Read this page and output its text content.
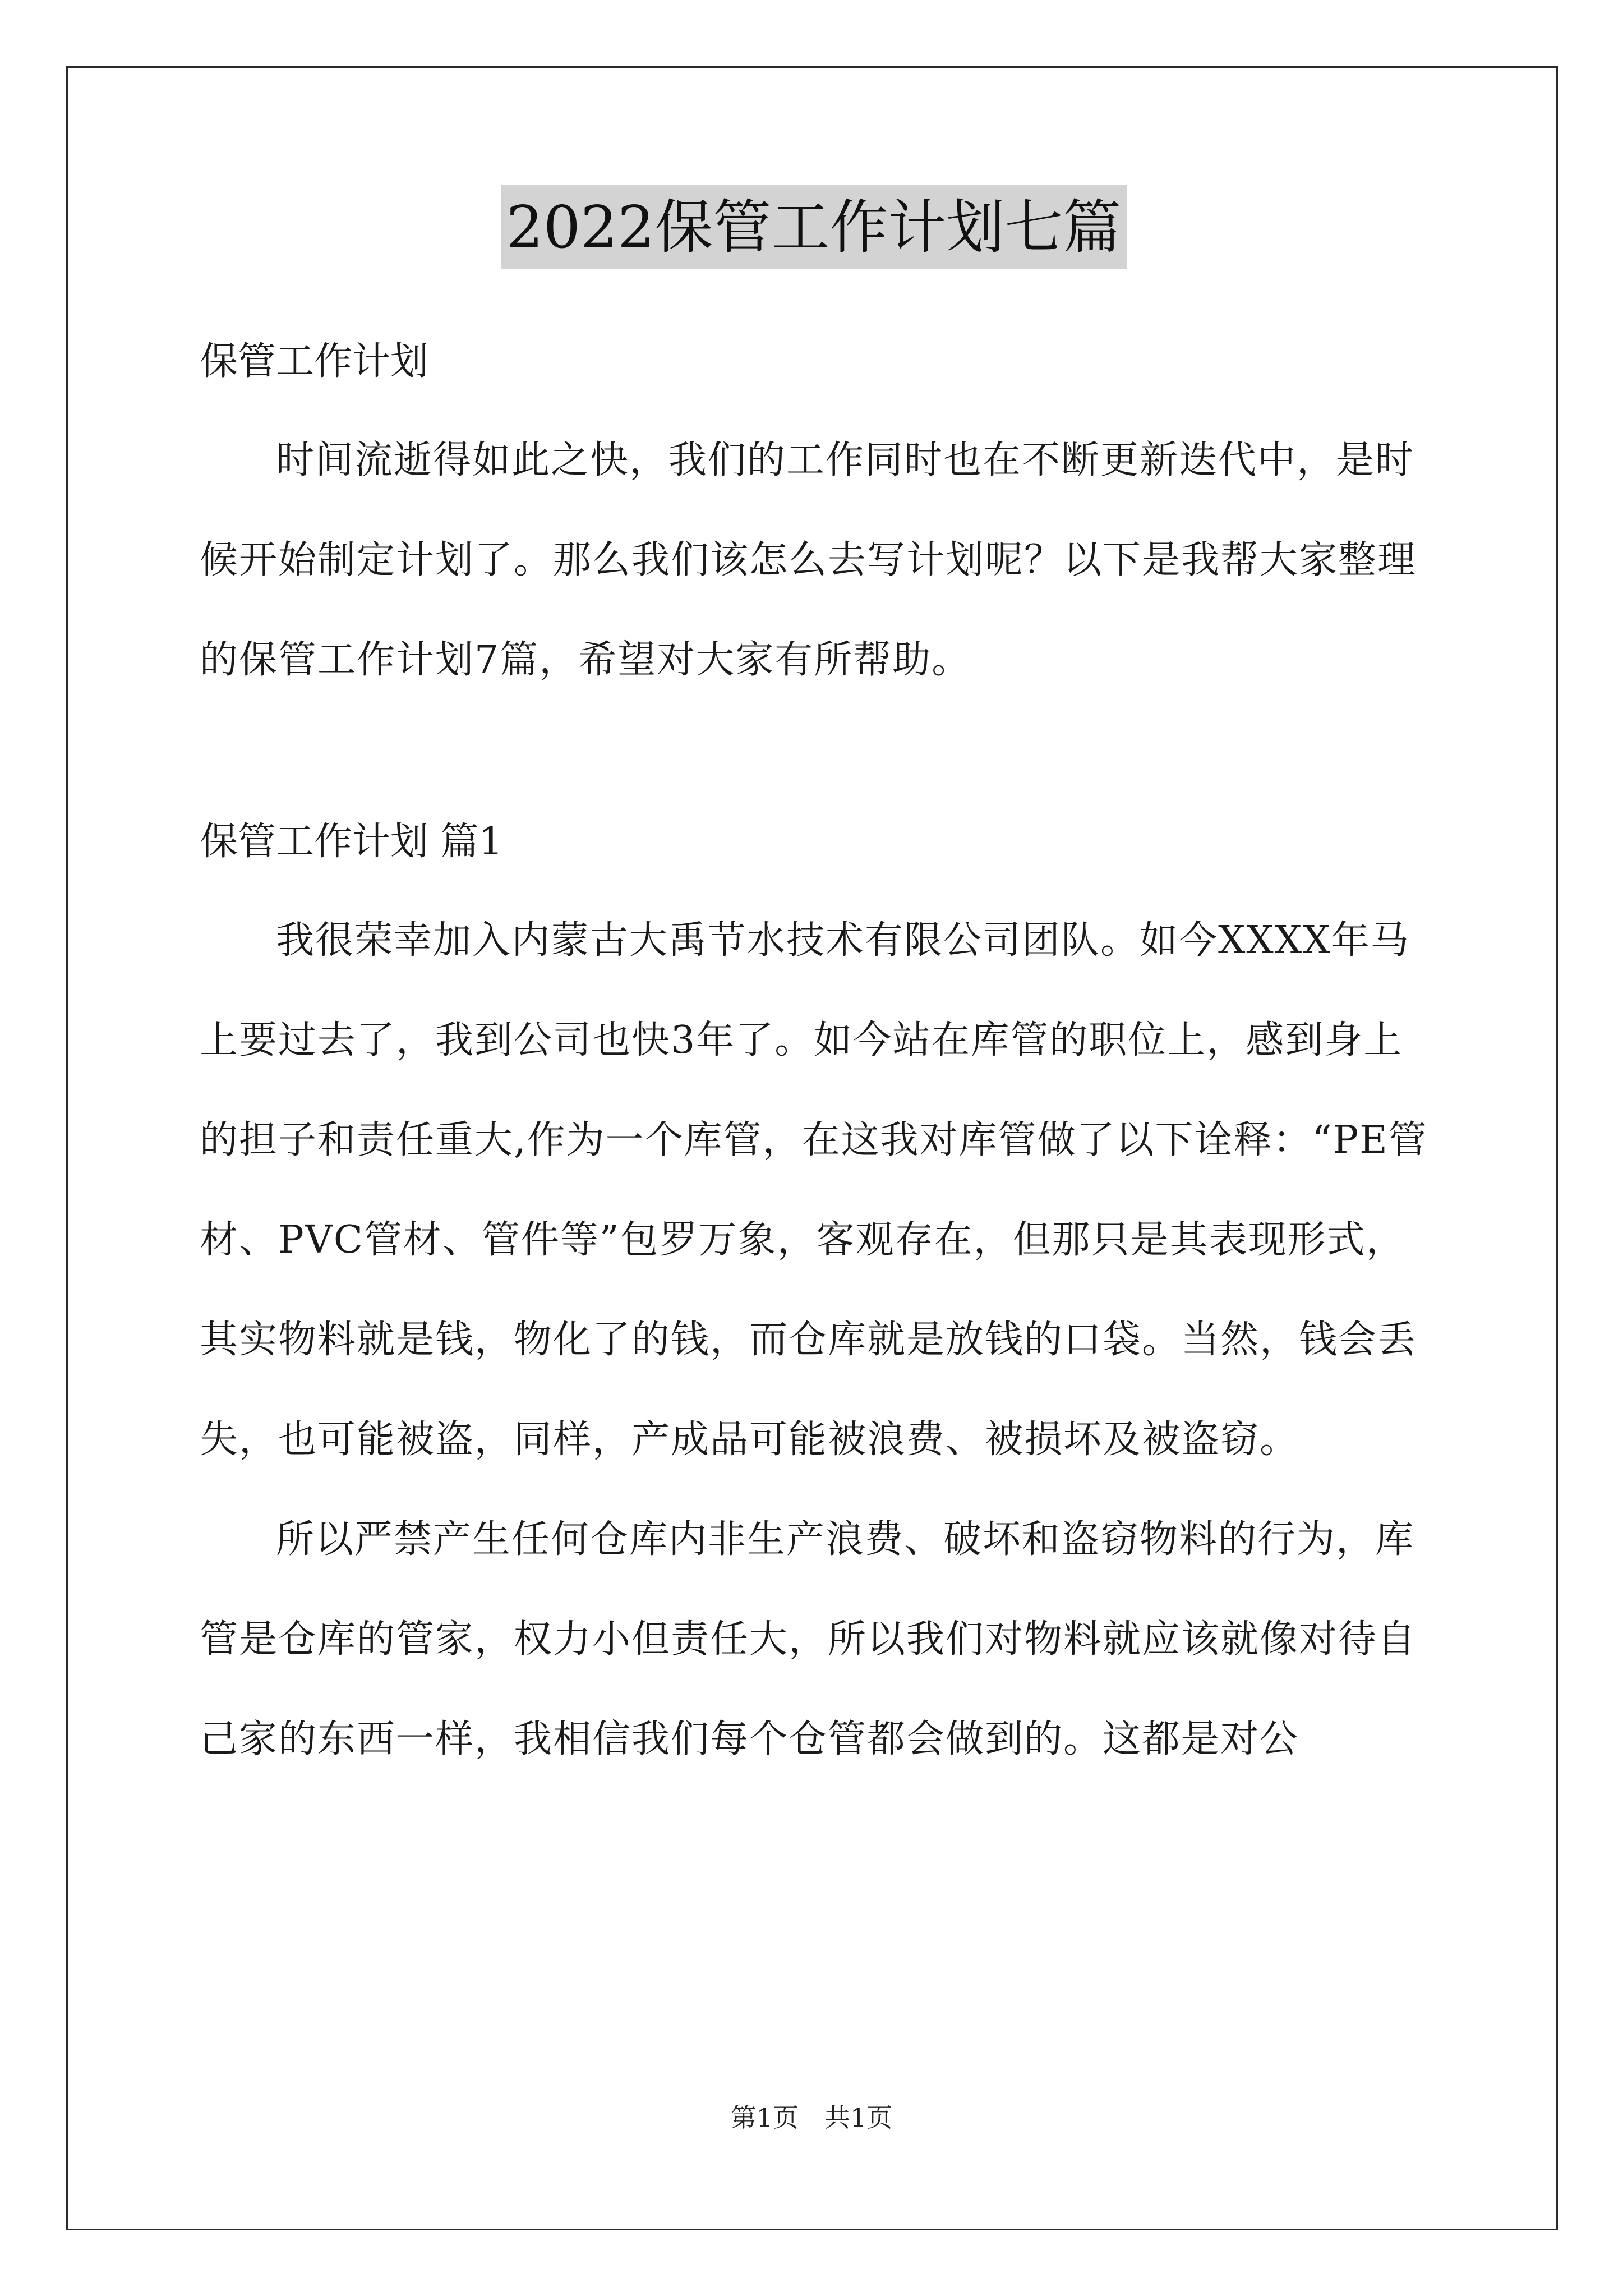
2022保管工作计划七篇
保管工作计划

时间流逝得如此之快，我们的工作同时也在不断更新迭代中，是时候开始制定计划了。那么我们该怎么去写计划呢？以下是我帮大家整理的保管工作计划7篇，希望对大家有所帮助。

保管工作计划 篇1

我很荣幸加入内蒙古大禹节水技术有限公司团队。如今XXXX年马上要过去了，我到公司也快3年了。如今站在库管的职位上，感到身上的担子和责任重大,作为一个库管，在这我对库管做了以下诠释：“PE管材、PVC管材、管件等”包罗万象，客观存在，但那只是其表现形式，其实物料就是钱，物化了的钱，而仓库就是放钱的口袋。当然，钱会丢失，也可能被盗，同样，产成品可能被浪费、被损坏及被盗窃。

所以严禁产生任何仓库内非生产浪费、破坏和盗窃物料的行为，库管是仓库的管家，权力小但责任大，所以我们对物料就应该就像对待自己家的东西一样，我相信我们每个仓管都会做到的。这都是对公

第1页　共1页
